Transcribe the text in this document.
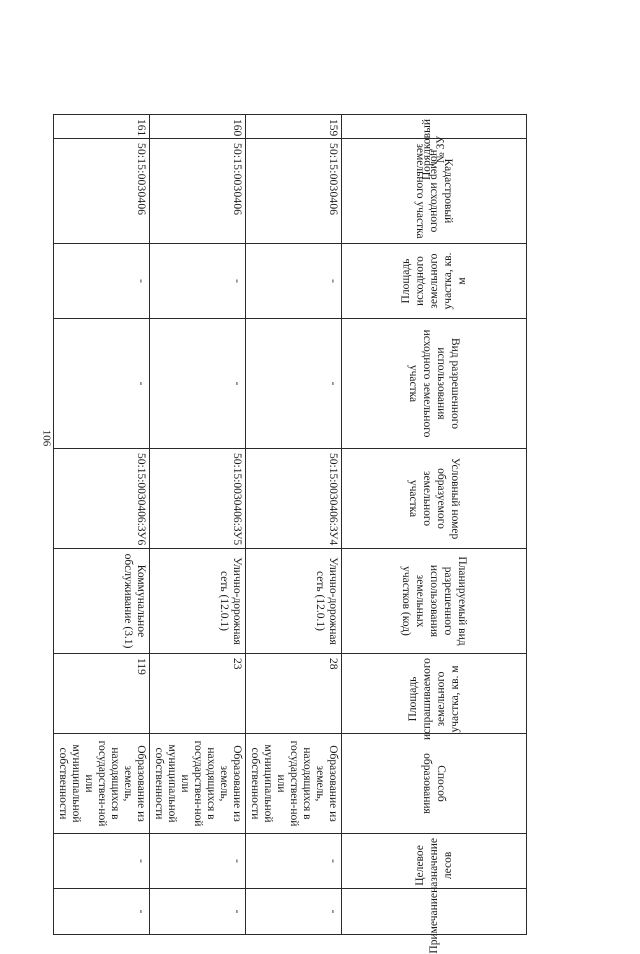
106
Порядковый № ЗУ	Кадастровый номер исходного земельного участка	Площадь исходного земельного участка, кв. м	Вид разрешенного использования исходного земельного участка	Условный номер образуемого земельного участка	Планируемый вид разрешенного использования земельных участков (код)	Площадь испрашиваемого земельного участка, кв. м	Способ образования	Целевое назначение лесов	Примечание
159	50:15:0030406	-	-	50:15:0030406:ЗУ4	Улично-дорожная сеть (12.0.1)	28	Образование из земель, находящихся в государствен-ной или муниципальной собственности	-	-
160	50:15:0030406	-	-	50:15:0030406:ЗУ5	Улично-дорожная сеть (12.0.1)	23	Образование из земель, находящихся в государствен-ной или муниципальной собственности	-	-
161	50:15:0030406	-	-	50:15:0030406:ЗУ6	Коммунальное обслуживание (3.1)	119	Образование из земель, находящихся в государствен-ной или муниципальной собственности	-	-
